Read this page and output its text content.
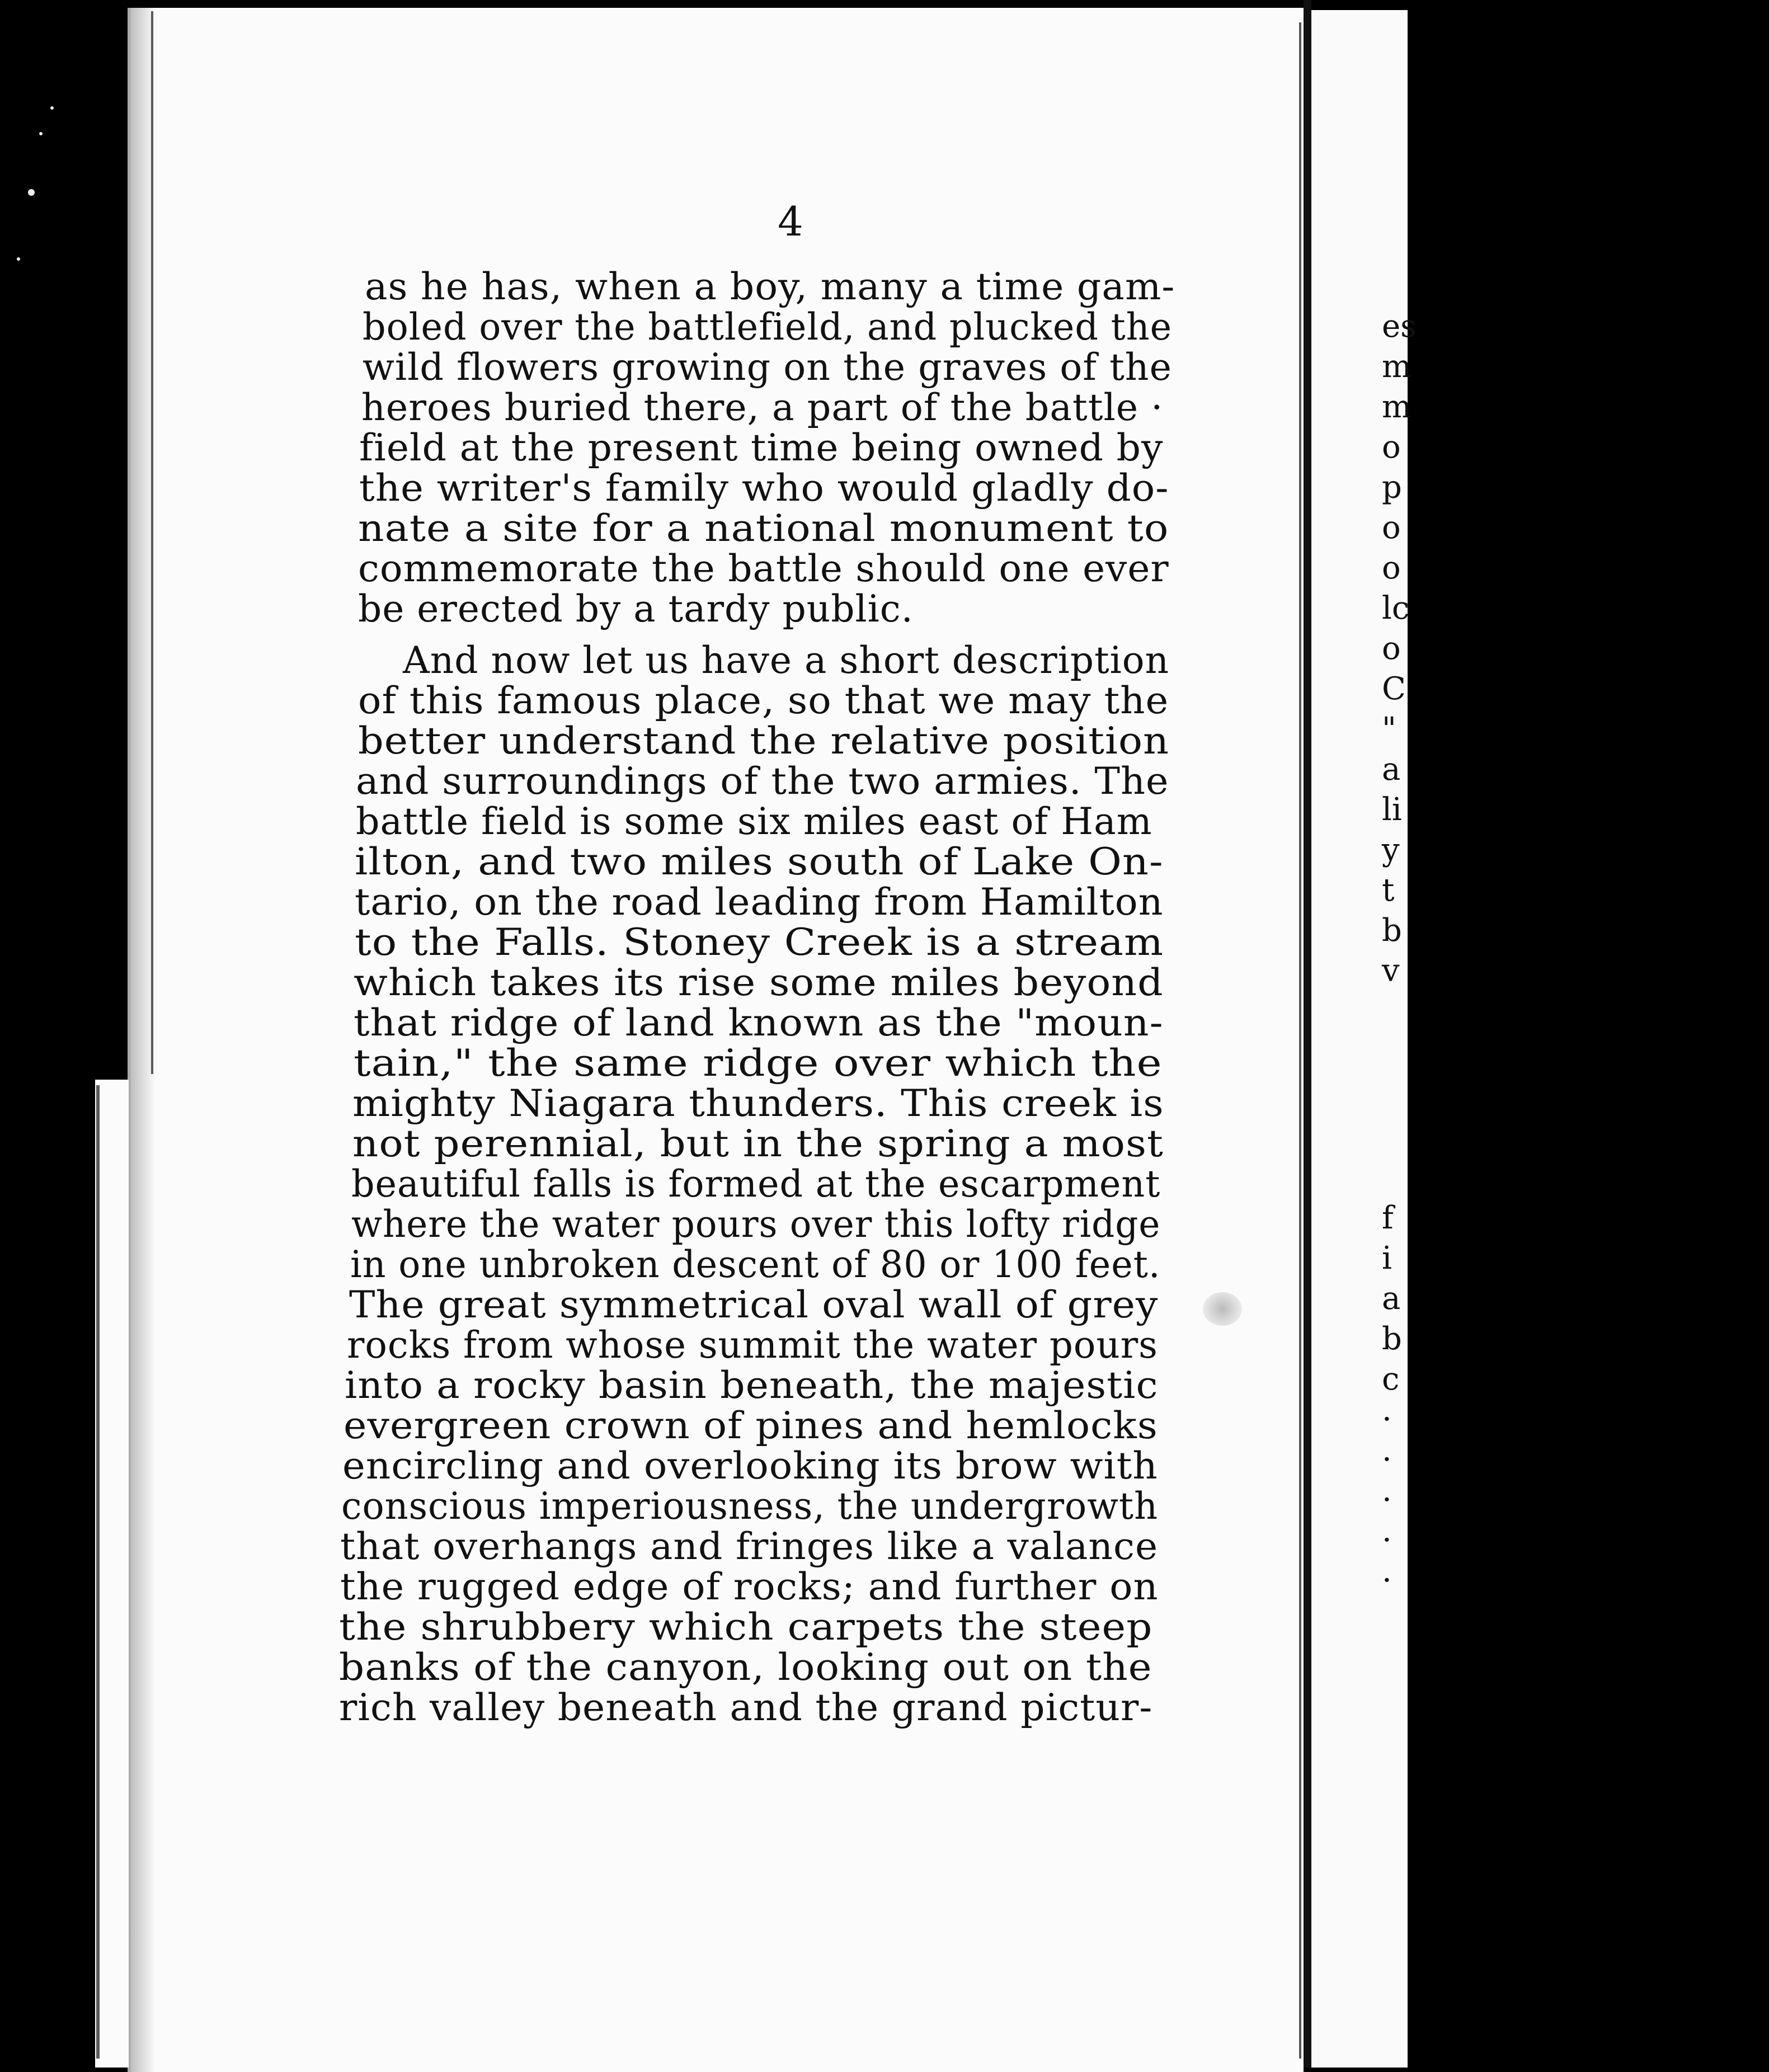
4
as he has, when a boy, many a time gam-
boled over the battlefield, and plucked the
wild flowers growing on the graves of the
heroes buried there, a part of the battle ·
field at the present time being owned by
the writer's family who would gladly do-
nate a site for a national monument to
commemorate the battle should one ever
be erected by a tardy public.
And now let us have a short description
of this famous place, so that we may the
better understand the relative position
and surroundings of the two armies. The
battle field is some six miles east of Ham
ilton, and two miles south of Lake On-
tario, on the road leading from Hamilton
to the Falls. Stoney Creek is a stream
which takes its rise some miles beyond
that ridge of land known as the "moun-
tain," the same ridge over which the
mighty Niagara thunders. This creek is
not perennial, but in the spring a most
beautiful falls is formed at the escarpment
where the water pours over this lofty ridge
in one unbroken descent of 80 or 100 feet.
The great symmetrical oval wall of grey
rocks from whose summit the water pours
into a rocky basin beneath, the majestic
evergreen crown of pines and hemlocks
encircling and overlooking its brow with
conscious imperiousness, the undergrowth
that overhangs and fringes like a valance
the rugged edge of rocks; and further on
the shrubbery which carpets the steep
banks of the canyon, looking out on the
rich valley beneath and the grand pictur-
es
m
m
o
p
o
o
lc
o
C
"
a
li
y
t
b
v
f
i
a
b
c
·
·
·
·
·
